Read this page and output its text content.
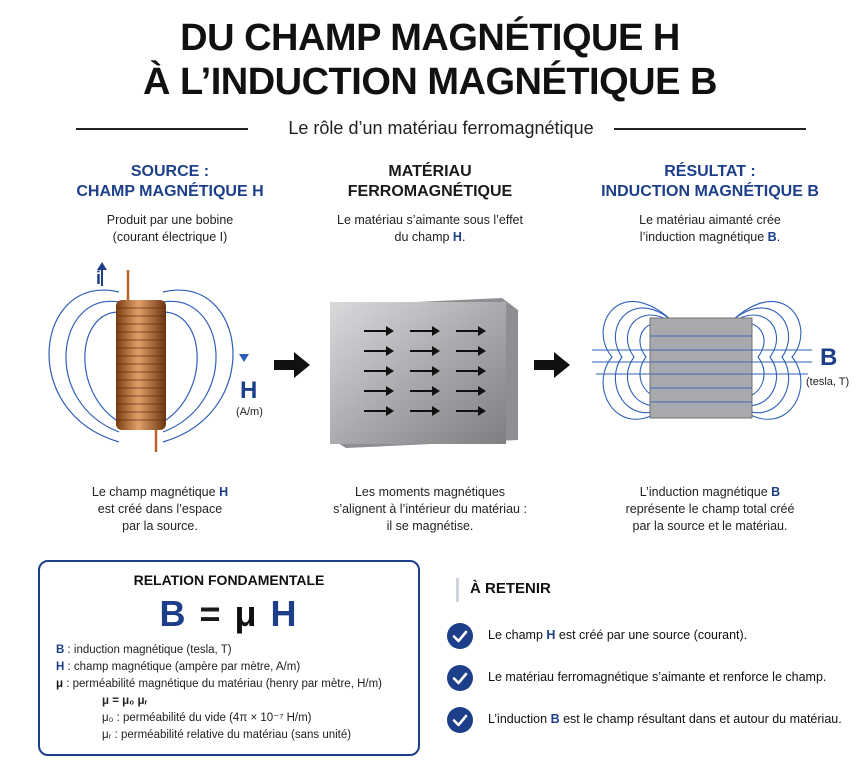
DU CHAMP MAGNÉTIQUE H
À L’INDUCTION MAGNÉTIQUE B
Le rôle d’un matériau ferromagnétique
SOURCE :
CHAMP MAGNÉTIQUE H
Produit par une bobine
(courant électrique I)
i
H
(A/m)
Le champ magnétique H
est créé dans l’espace
par la source.
MATÉRIAU
FERROMAGNÉTIQUE
Le matériau s’aimante sous l’effet
du champ H.
Les moments magnétiques
s’alignent à l’intérieur du matériau :
il se magnétise.
RÉSULTAT :
INDUCTION MAGNÉTIQUE B
Le matériau aimanté crée
l’induction magnétique B.
B
(tesla, T)
L’induction magnétique B
représente le champ total créé
par la source et le matériau.
RELATION FONDAMENTALE
B = μ H
B : induction magnétique (tesla, T)
H : champ magnétique (ampère par mètre, A/m)
μ : perméabilité magnétique du matériau (henry par mètre, H/m)
μ = μ₀ μᵣ
μ₀ : perméabilité du vide (4π × 10⁻⁷ H/m)
μᵣ : perméabilité relative du matériau (sans unité)
À RETENIR
Le champ H est créé par une source (courant).
Le matériau ferromagnétique s’aimante et renforce le champ.
L’induction B est le champ résultant dans et autour du matériau.
